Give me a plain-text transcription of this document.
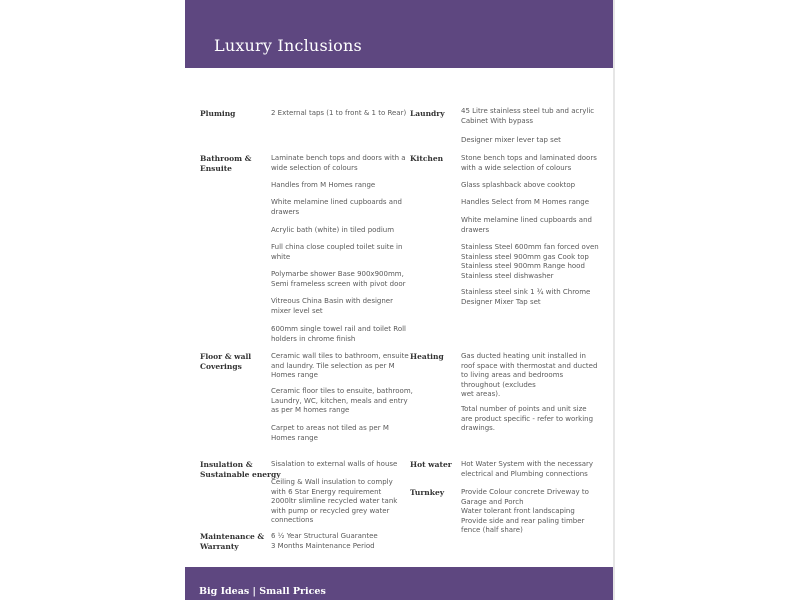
Luxury Inclusions
Pluming	2 External taps (1 to front & 1 to Rear)
Bathroom &
Ensuite
Laminate bench tops and doors with a
wide selection of colours
Handles from M Homes range
White melamine lined cupboards and
drawers
Acrylic bath (white) in tiled podium
Full china close coupled toilet suite in
white
Polymarbe shower Base 900x900mm,
Semi frameless screen with pivot door
Vitreous China Basin with designer
mixer level set
600mm single towel rail and toilet Roll
holders in chrome finish
Floor & wall
Coverings
Ceramic wall tiles to bathroom, ensuite
and laundry. Tile selection as per M
Homes range
Ceramic floor tiles to ensuite, bathroom,
Laundry, WC, kitchen, meals and entry
as per M homes range
Carpet to areas not tiled as per M
Homes range
Insulation &
Sustainable energy
Sisalation to external walls of house
Ceiling & Wall insulation to comply
with 6 Star Energy requirement
2000ltr slimline recycled water tank
with pump or recycled grey water
connections
Maintenance &
Warranty
6 ½ Year Structural Guarantee
3 Months Maintenance Period
Laundry 45 Litre stainless steel tub and acrylic
Cabinet With bypass
Designer mixer lever tap set
Kitchen	Stone bench tops and laminated doors
with a wide selection of colours
Glass splashback above cooktop
Handles Select from M Homes range
White melamine lined cupboards and
drawers
Stainless Steel 600mm fan forced oven
Stainless steel 900mm gas Cook top
Stainless steel 900mm Range hood
Stainless steel dishwasher
Stainless steel sink 1 ¾ with Chrome
Designer Mixer Tap set
Heating Gas ducted heating unit installed in
roof space with thermostat and ducted
to living areas and bedrooms
throughout (excludes
wet areas).
Total number of points and unit size
are product specific - refer to working
drawings.
Hot water Hot Water System with the necessary
electrical and Plumbing connections
Turnkey Provide Colour concrete Driveway to
Garage and Porch
Water tolerant front landscaping
Provide side and rear paling timber
fence (half share)
Big Ideas | Small Prices
